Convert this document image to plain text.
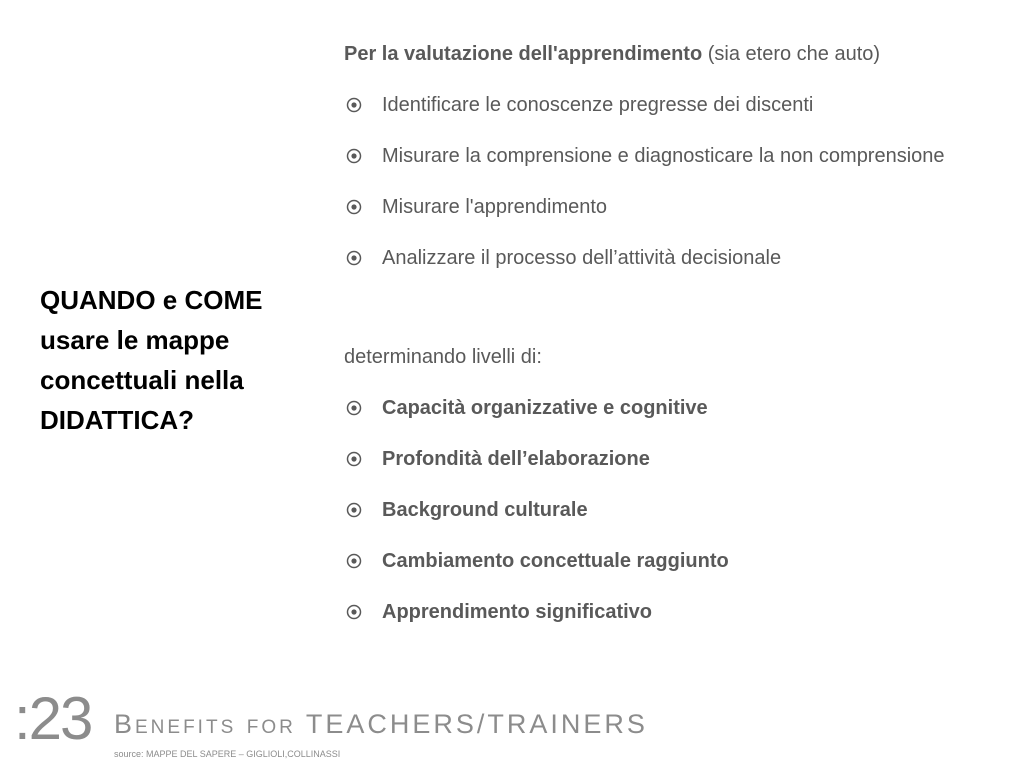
QUANDO e COME
usare le mappe
concettuali nella
DIDATTICA?

Per la valutazione dell'apprendimento (sia etero che auto)

Identificare le conoscenze pregresse dei discenti
Misurare la comprensione e diagnosticare la non comprensione
Misurare l'apprendimento
Analizzare il processo dell’attività decisionale

determinando livelli di:

Capacità organizzative e cognitive
Profondità dell’elaborazione
Background culturale
Cambiamento concettuale raggiunto
Apprendimento significativo
:23 Benefits for TEACHERS/TRAINERS
source: MAPPE DEL SAPERE – GIGLIOLI,COLLINASSI
